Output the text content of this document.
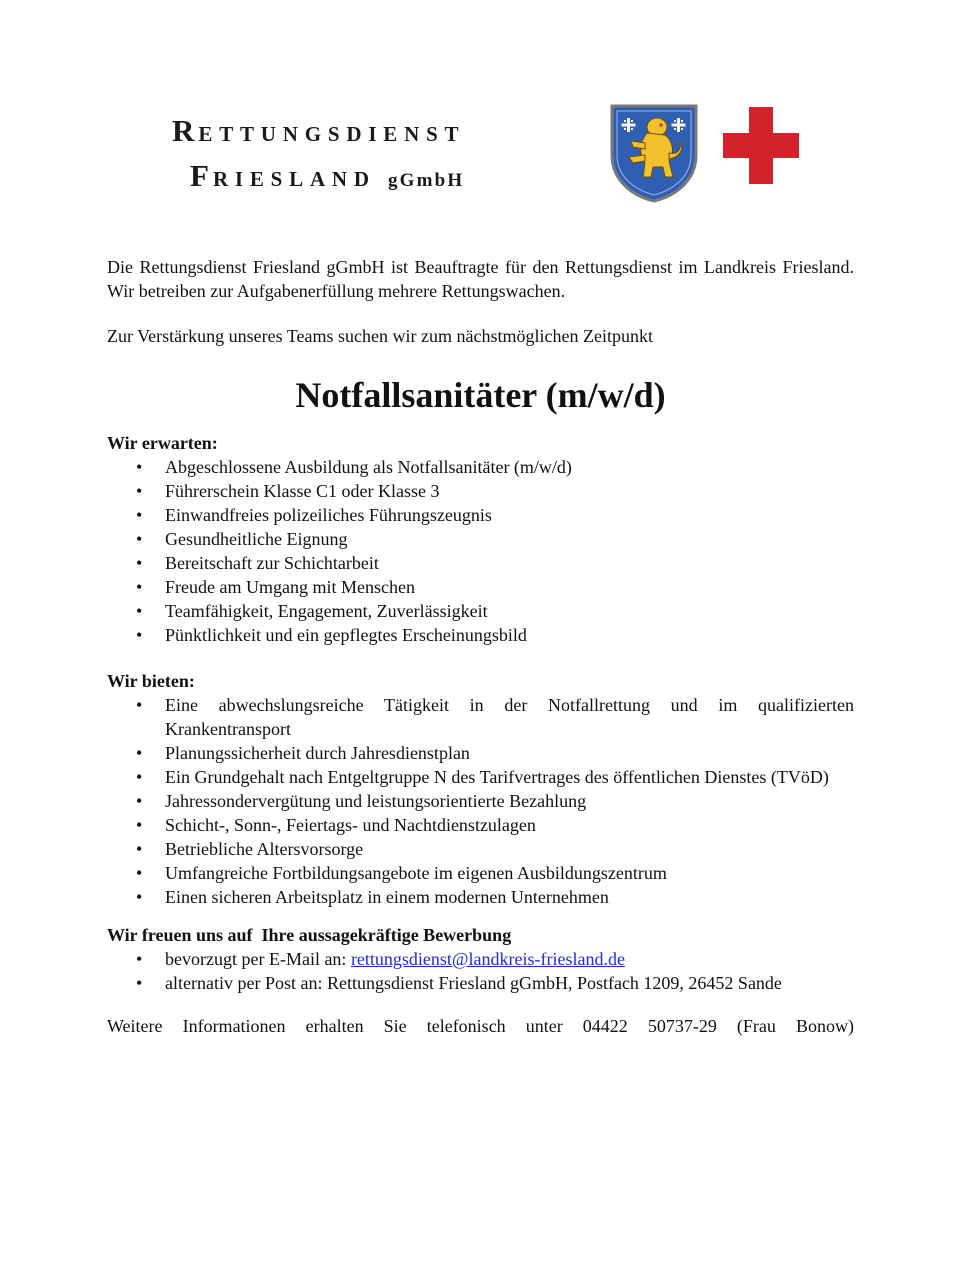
RETTUNGSDIENST
FRIESLAND gGmbH

Die Rettungsdienst Friesland gGmbH ist Beauftragte für den Rettungsdienst im Landkreis Friesland. Wir betreiben zur Aufgabenerfüllung mehrere Rettungswachen.

Zur Verstärkung unseres Teams suchen wir zum nächstmöglichen Zeitpunkt

Notfallsanitäter (m/w/d)

Wir erwarten:

• Abgeschlossene Ausbildung als Notfallsanitäter (m/w/d)
• Führerschein Klasse C1 oder Klasse 3
• Einwandfreies polizeiliches Führungszeugnis
• Gesundheitliche Eignung
• Bereitschaft zur Schichtarbeit
• Freude am Umgang mit Menschen
• Teamfähigkeit, Engagement, Zuverlässigkeit
• Pünktlichkeit und ein gepflegtes Erscheinungsbild

Wir bieten:

• Eine abwechslungsreiche Tätigkeit in der Notfallrettung und im qualifizierten Krankentransport
• Planungssicherheit durch Jahresdienstplan
• Ein Grundgehalt nach Entgeltgruppe N des Tarifvertrages des öffentlichen Dienstes (TVöD)
• Jahressondervergütung und leistungsorientierte Bezahlung
• Schicht-, Sonn-, Feiertags- und Nachtdienstzulagen
• Betriebliche Altersvorsorge
• Umfangreiche Fortbildungsangebote im eigenen Ausbildungszentrum
• Einen sicheren Arbeitsplatz in einem modernen Unternehmen

Wir freuen uns auf  Ihre aussagekräftige Bewerbung

• bevorzugt per E-Mail an: rettungsdienst@landkreis-friesland.de
• alternativ per Post an: Rettungsdienst Friesland gGmbH, Postfach 1209, 26452 Sande

Weitere Informationen erhalten Sie telefonisch unter 04422 50737-29 (Frau Bonow)
